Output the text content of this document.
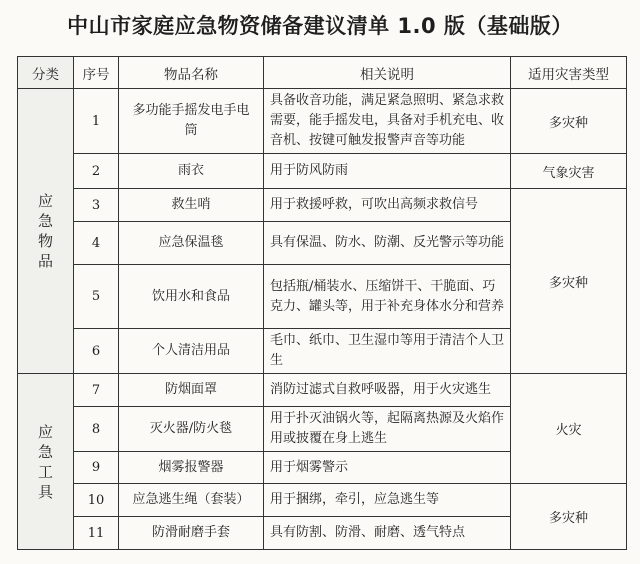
中山市家庭应急物资储备建议清单 1.0 版（基础版）
分类	序号	物品名称	相关说明	适用灾害类型

应
急
物
品	1	多功能手摇发电手电筒	具备收音功能，满足紧急照明、紧急求救需要，能手摇发电，具备对手机充电、收音机、按键可触发报警声音等功能	多灾种
	2	雨衣	用于防风防雨	气象灾害
	3	救生哨	用于救援呼救，可吹出高频求救信号	多灾种
	4	应急保温毯	具有保温、防水、防潮、反光警示等功能	
	5	饮用水和食品	包括瓶/桶装水、压缩饼干、干脆面、巧克力、罐头等，用于补充身体水分和营养	
	6	个人清洁用品	毛巾、纸巾、卫生湿巾等用于清洁个人卫生	

应
急
工
具	7	防烟面罩	消防过滤式自救呼吸器，用于火灾逃生	火灾
	8	灭火器/防火毯	用于扑灭油锅火等，起隔离热源及火焰作用或披覆在身上逃生	
	9	烟雾报警器	用于烟雾警示	
	10	应急逃生绳（套装）	用于捆绑，牵引，应急逃生等	多灾种
	11	防滑耐磨手套	具有防割、防滑、耐磨、透气特点	
